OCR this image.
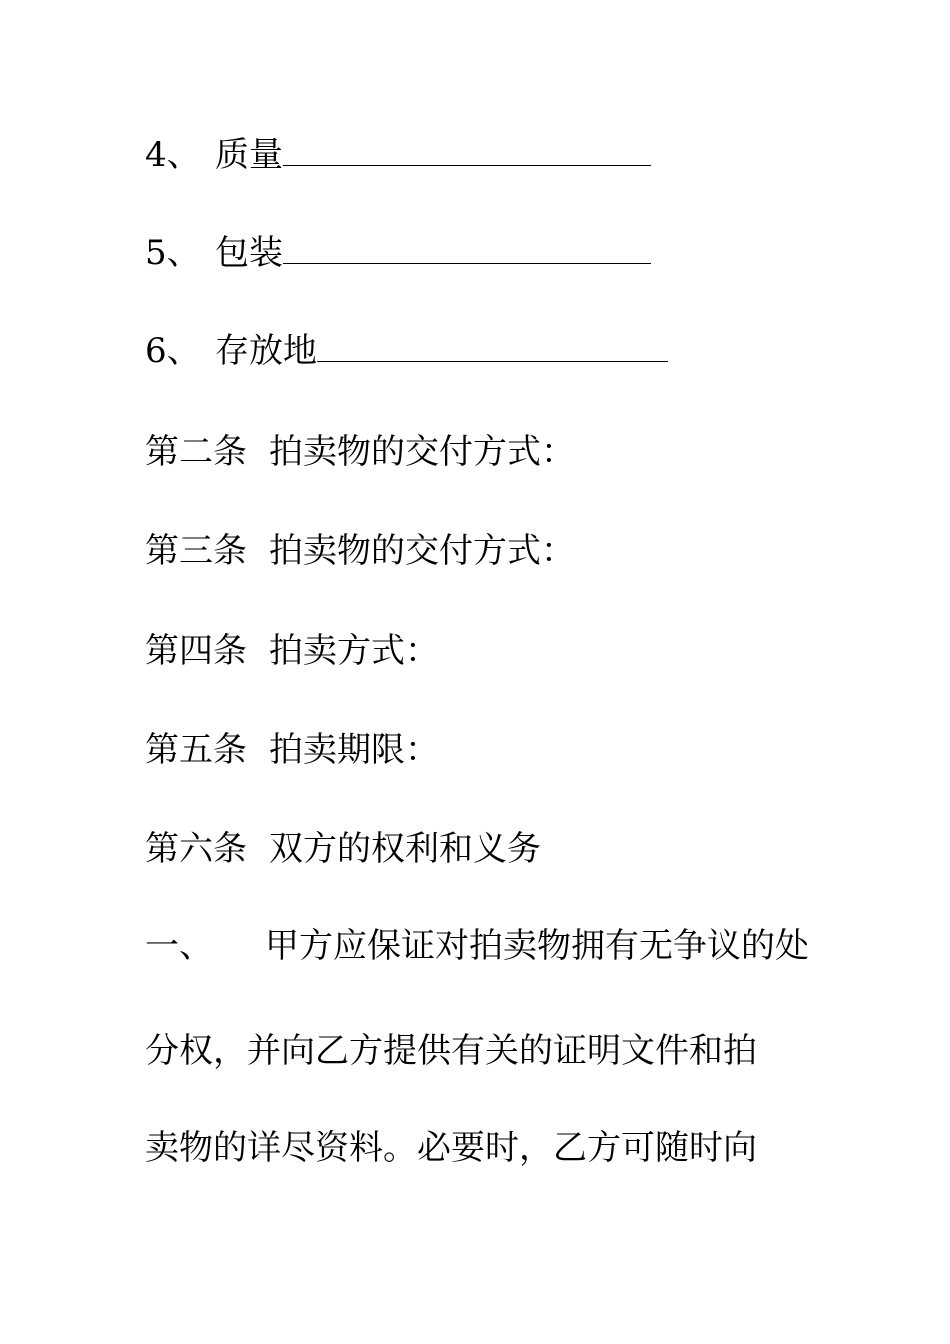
4、 质量
5、 包装
6、 存放地
第二条 拍卖物的交付方式：
第三条 拍卖物的交付方式：
第四条 拍卖方式：
第五条 拍卖期限：
第六条 双方的权利和义务
一、 甲方应保证对拍卖物拥有无争议的处
分权，并向乙方提供有关的证明文件和拍
卖物的详尽资料。必要时，乙方可随时向
